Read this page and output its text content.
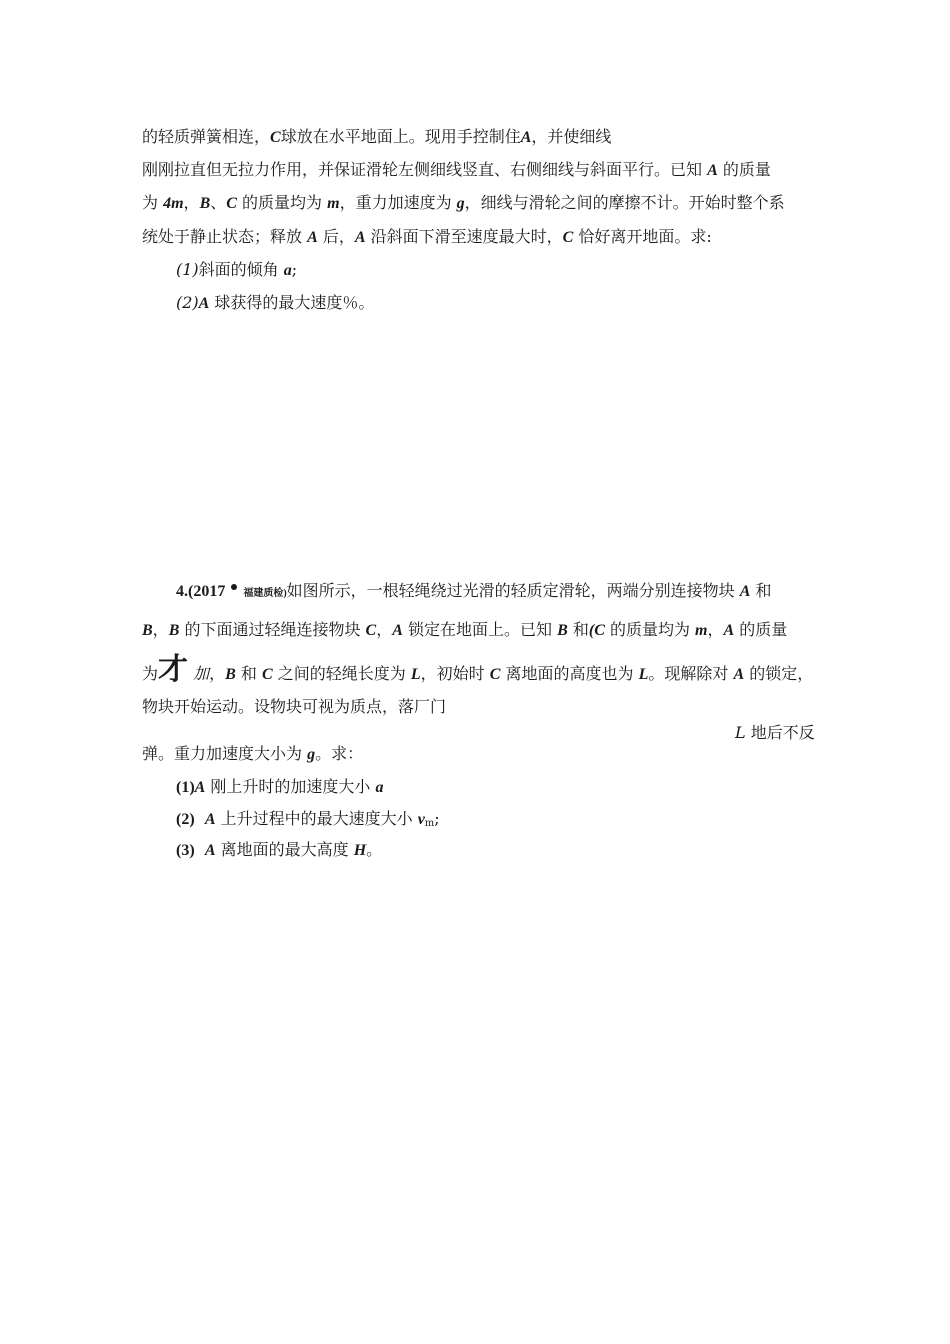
的轻质弹簧相连，C球放在水平地面上。现用手控制住A，并使细线
刚刚拉直但无拉力作用，并保证滑轮左侧细线竖直、右侧细线与斜面平行。已知 A 的质量
为 4m，B、C 的质量均为 m，重力加速度为 g，细线与滑轮之间的摩擦不计。开始时整个系
统处于静止状态；释放 A 后，A 沿斜面下滑至速度最大时，C 恰好离开地面。求:
(1)斜面的倾角 a;
(2)A 球获得的最大速度％。
4.(2017 福建质检)如图所示，一根轻绳绕过光滑的轻质定滑轮，两端分别连接物块 A 和
B，B 的下面通过轻绳连接物块 C，A 锁定在地面上。已知 B 和(C 的质量均为 m，A 的质量
为才 加，B 和 C 之间的轻绳长度为 L，初始时 C 离地面的高度也为 L。现解除对 A 的锁定，
物块开始运动。设物块可视为质点，落厂门
L 地后不反
弹。重力加速度大小为 g。求：
(1)A 刚上升时的加速度大小 a
(2) A 上升过程中的最大速度大小 $v_m$;
(3) A 离地面的最大高度 H。
